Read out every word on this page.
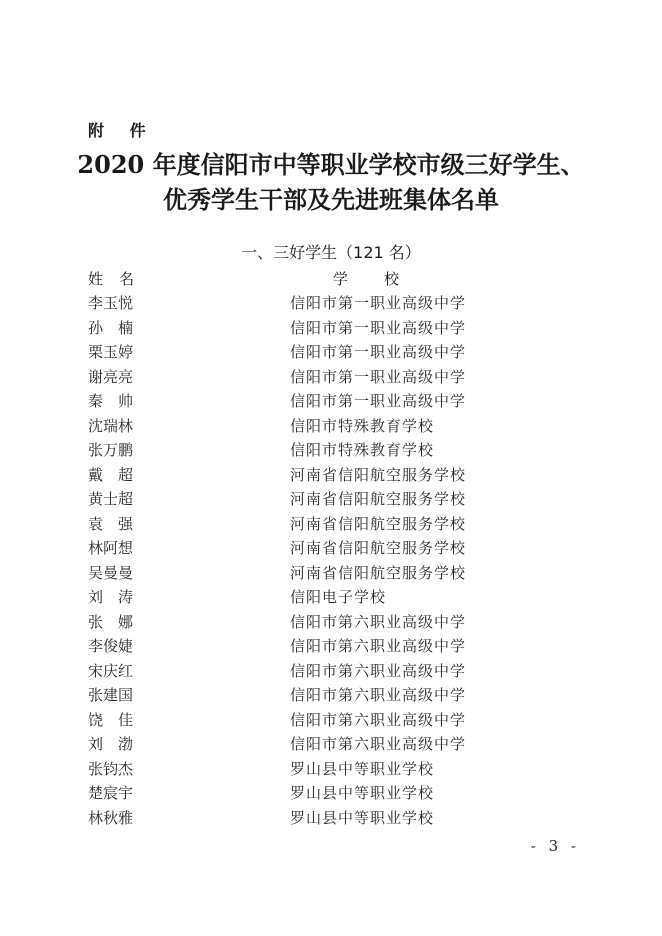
附 件
2020 年度信阳市中等职业学校市级三好学生、
优秀学生干部及先进班集体名单
一、三好学生（121 名）
姓名	学校
李玉悦	信阳市第一职业高级中学
孙楠	信阳市第一职业高级中学
栗玉婷	信阳市第一职业高级中学
谢亮亮	信阳市第一职业高级中学
秦帅	信阳市第一职业高级中学
沈瑞林	信阳市特殊教育学校
张万鹏	信阳市特殊教育学校
戴超	河南省信阳航空服务学校
黄士超	河南省信阳航空服务学校
袁强	河南省信阳航空服务学校
林阿想	河南省信阳航空服务学校
吴曼曼	河南省信阳航空服务学校
刘涛	信阳电子学校
张娜	信阳市第六职业高级中学
李俊婕	信阳市第六职业高级中学
宋庆红	信阳市第六职业高级中学
张建国	信阳市第六职业高级中学
饶佳	信阳市第六职业高级中学
刘渤	信阳市第六职业高级中学
张钧杰	罗山县中等职业学校
楚宸宇	罗山县中等职业学校
林秋雅	罗山县中等职业学校
- 3 -
